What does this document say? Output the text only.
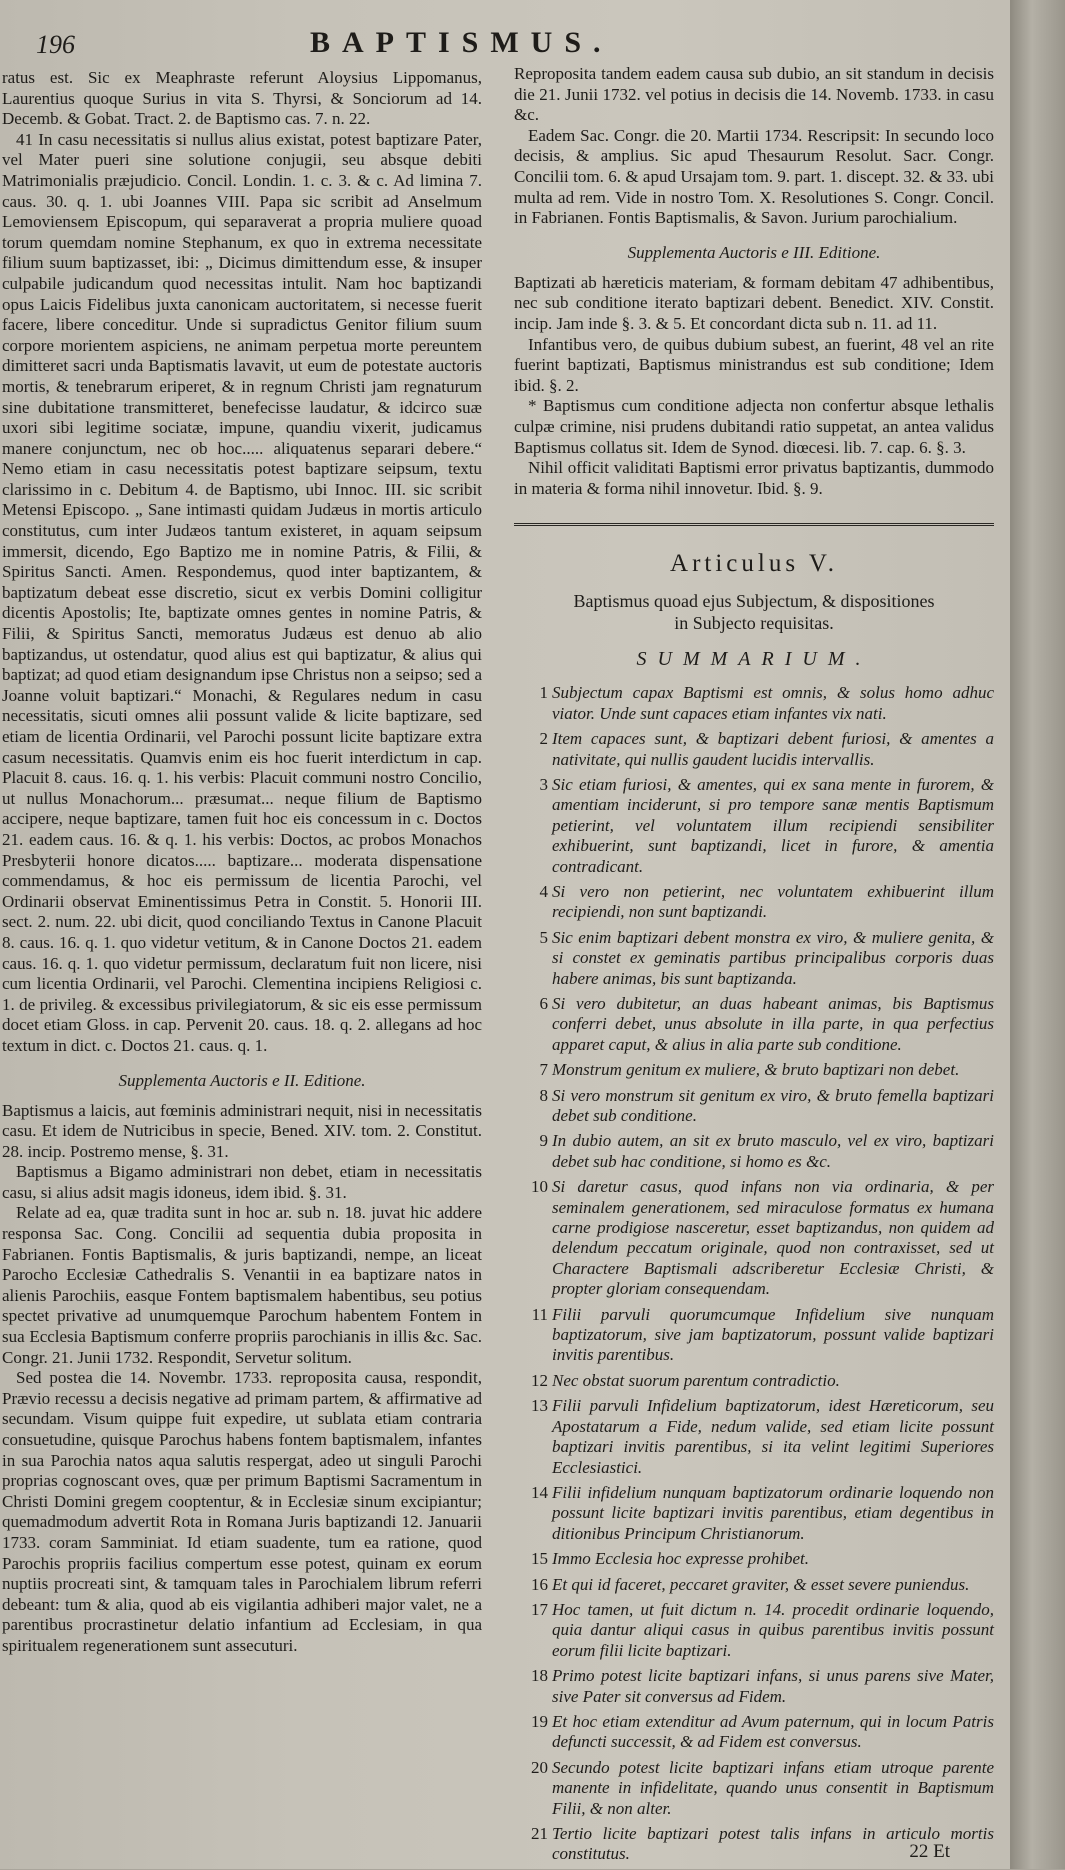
196	BAPTISMUS.

ratus est. Sic ex Meaphraste referunt Aloysius Lippomanus, Laurentius quoque Surius in vita S. Thyrsi, & Sonciorum ad 14. Decemb. & Gobat. Tract. 2. de Baptismo cas. 7. n. 22.

41 In casu necessitatis si nullus alius existat, potest baptizare Pater, vel Mater pueri sine solutione conjugii, seu absque debiti Matrimonialis præjudicio. Concil. Londin. 1. c. 3. & c. Ad limina 7. caus. 30. q. 1. ubi Joannes VIII. Papa sic scribit ad Anselmum Lemoviensem Episcopum, qui separaverat a propria muliere quoad torum quemdam nomine Stephanum, ex quo in extrema necessitate filium suum baptizasset, ibi: „ Dicimus dimittendum esse, & insuper culpabile judicandum quod necessitas intulit. Nam hoc baptizandi opus Laicis Fidelibus juxta canonicam auctoritatem, si necesse fuerit facere, libere conceditur. Unde si supradictus Genitor filium suum corpore morientem aspiciens, ne animam perpetua morte pereuntem dimitteret sacri unda Baptismatis lavavit, ut eum de potestate auctoris mortis, & tenebrarum eriperet, & in regnum Christi jam regnaturum sine dubitatione transmitteret, benefecisse laudatur, & idcirco suæ uxori sibi legitime sociatæ, impune, quandiu vixerit, judicamus manere conjunctum, nec ob hoc..... aliquatenus separari debere.“ Nemo etiam in casu necessitatis potest baptizare seipsum, textu clarissimo in c. Debitum 4. de Baptismo, ubi Innoc. III. sic scribit Metensi Episcopo. „ Sane intimasti quidam Judæus in mortis articulo constitutus, cum inter Judæos tantum existeret, in aquam seipsum immersit, dicendo, Ego Baptizo me in nomine Patris, & Filii, & Spiritus Sancti. Amen. Respondemus, quod inter baptizantem, & baptizatum debeat esse discretio, sicut ex verbis Domini colligitur dicentis Apostolis; Ite, baptizate omnes gentes in nomine Patris, & Filii, & Spiritus Sancti, memoratus Judæus est denuo ab alio baptizandus, ut ostendatur, quod alius est qui baptizatur, & alius qui baptizat; ad quod etiam designandum ipse Christus non a seipso; sed a Joanne voluit baptizari.“ Monachi, & Regulares nedum in casu necessitatis, sicuti omnes alii possunt valide & licite baptizare, sed etiam de licentia Ordinarii, vel Parochi possunt licite baptizare extra casum necessitatis. Quamvis enim eis hoc fuerit interdictum in cap. Placuit 8. caus. 16. q. 1. his verbis: Placuit communi nostro Concilio, ut nullus Monachorum... præsumat... neque filium de Baptismo accipere, neque baptizare, tamen fuit hoc eis concessum in c. Doctos 21. eadem caus. 16. & q. 1. his verbis: Doctos, ac probos Monachos Presbyterii honore dicatos..... baptizare... moderata dispensatione commendamus, & hoc eis permissum de licentia Parochi, vel Ordinarii observat Eminentissimus Petra in Constit. 5. Honorii III. sect. 2. num. 22. ubi dicit, quod conciliando Textus in Canone Placuit 8. caus. 16. q. 1. quo videtur vetitum, & in Canone Doctos 21. eadem caus. 16. q. 1. quo videtur permissum, declaratum fuit non licere, nisi cum licentia Ordinarii, vel Parochi. Clementina incipiens Religiosi c. 1. de privileg. & excessibus privilegiatorum, & sic eis esse permissum docet etiam Gloss. in cap. Pervenit 20. caus. 18. q. 2. allegans ad hoc textum in dict. c. Doctos 21. caus. q. 1.

Supplementa Auctoris e II. Editione.

Baptismus a laicis, aut fœminis administrari nequit, nisi in necessitatis casu. Et idem de Nutricibus in specie, Bened. XIV. tom. 2. Constitut. 28. incip. Postremo mense, §. 31.

Baptismus a Bigamo administrari non debet, etiam in necessitatis casu, si alius adsit magis idoneus, idem ibid. §. 31.

Relate ad ea, quæ tradita sunt in hoc ar. sub n. 18. juvat hic addere responsa Sac. Cong. Concilii ad sequentia dubia proposita in Fabrianen. Fontis Baptismalis, & juris baptizandi, nempe, an liceat Parocho Ecclesiæ Cathedralis S. Venantii in ea baptizare natos in alienis Parochiis, easque Fontem baptismalem habentibus, seu potius spectet privative ad unumquemque Parochum habentem Fontem in sua Ecclesia Baptismum conferre propriis parochianis in illis &c. Sac. Congr. 21. Junii 1732. Respondit, Servetur solitum.

Sed postea die 14. Novembr. 1733. reproposita causa, respondit, Prævio recessu a decisis negative ad primam partem, & affirmative ad secundam. Visum quippe fuit expedire, ut sublata etiam contraria consuetudine, quisque Parochus habens fontem baptismalem, infantes in sua Parochia natos aqua salutis respergat, adeo ut singuli Parochi proprias cognoscant oves, quæ per primum Baptismi Sacramentum in Christi Domini gregem cooptentur, & in Ecclesiæ sinum excipiantur; quemadmodum advertit Rota in Romana Juris baptizandi 12. Januarii 1733. coram Samminiat. Id etiam suadente, tum ea ratione, quod Parochis propriis facilius compertum esse potest, quinam ex eorum nuptiis procreati sint, & tamquam tales in Parochialem librum referri debeant: tum & alia, quod ab eis vigilantia adhiberi major valet, ne a parentibus procrastinetur delatio infantium ad Ecclesiam, in qua spiritualem regenerationem sunt assecuturi.

Reproposita tandem eadem causa sub dubio, an sit standum in decisis die 21. Junii 1732. vel potius in decisis die 14. Novemb. 1733. in casu &c.

Eadem Sac. Congr. die 20. Martii 1734. Rescripsit: In secundo loco decisis, & amplius. Sic apud Thesaurum Resolut. Sacr. Congr. Concilii tom. 6. & apud Ursajam tom. 9. part. 1. discept. 32. & 33. ubi multa ad rem. Vide in nostro Tom. X. Resolutiones S. Congr. Concil. in Fabrianen. Fontis Baptismalis, & Savon. Jurium parochialium.

Supplementa Auctoris e III. Editione.

Baptizati ab hæreticis materiam, & formam debitam 47 adhibentibus, nec sub conditione iterato baptizari debent. Benedict. XIV. Constit. incip. Jam inde §. 3. & 5. Et concordant dicta sub n. 11. ad 11.

Infantibus vero, de quibus dubium subest, an fuerint, 48 vel an rite fuerint baptizati, Baptismus ministrandus est sub conditione; Idem ibid. §. 2.

* Baptismus cum conditione adjecta non confertur absque lethalis culpæ crimine, nisi prudens dubitandi ratio suppetat, an antea validus Baptismus collatus sit. Idem de Synod. diœcesi. lib. 7. cap. 6. §. 3.

Nihil officit validitati Baptismi error privatus baptizantis, dummodo in materia & forma nihil innovetur. Ibid. §. 9.

Articulus V.
Baptismus quoad ejus Subjectum, & dispositiones
in Subjecto requisitas.
SUMMARIUM.
1 Subjectum capax Baptismi est omnis, & solus homo adhuc viator. Unde sunt capaces etiam infantes vix nati.
2 Item capaces sunt, & baptizari debent furiosi, & amentes a nativitate, qui nullis gaudent lucidis intervallis.
3 Sic etiam furiosi, & amentes, qui ex sana mente in furorem, & amentiam inciderunt, si pro tempore sanæ mentis Baptismum petierint, vel voluntatem illum recipiendi sensibiliter exhibuerint, sunt baptizandi, licet in furore, & amentia contradicant.
4 Si vero non petierint, nec voluntatem exhibuerint illum recipiendi, non sunt baptizandi.
5 Sic enim baptizari debent monstra ex viro, & muliere genita, & si constet ex geminatis partibus principalibus corporis duas habere animas, bis sunt baptizanda.
6 Si vero dubitetur, an duas habeant animas, bis Baptismus conferri debet, unus absolute in illa parte, in qua perfectius apparet caput, & alius in alia parte sub conditione.
7 Monstrum genitum ex muliere, & bruto baptizari non debet.
8 Si vero monstrum sit genitum ex viro, & bruto femella baptizari debet sub conditione.
9 In dubio autem, an sit ex bruto masculo, vel ex viro, baptizari debet sub hac conditione, si homo es &c.
10 Si daretur casus, quod infans non via ordinaria, & per seminalem generationem, sed miraculose formatus ex humana carne prodigiose nasceretur, esset baptizandus, non quidem ad delendum peccatum originale, quod non contraxisset, sed ut Charactere Baptismali adscriberetur Ecclesiæ Christi, & propter gloriam consequendam.
11 Filii parvuli quorumcumque Infidelium sive nunquam baptizatorum, sive jam baptizatorum, possunt valide baptizari invitis parentibus.
12 Nec obstat suorum parentum contradictio.
13 Filii parvuli Infidelium baptizatorum, idest Hæreticorum, seu Apostatarum a Fide, nedum valide, sed etiam licite possunt baptizari invitis parentibus, si ita velint legitimi Superiores Ecclesiastici.
14 Filii infidelium nunquam baptizatorum ordinarie loquendo non possunt licite baptizari invitis parentibus, etiam degentibus in ditionibus Principum Christianorum.
15 Immo Ecclesia hoc expresse prohibet.
16 Et qui id faceret, peccaret graviter, & esset severe puniendus.
17 Hoc tamen, ut fuit dictum n. 14. procedit ordinarie loquendo, quia dantur aliqui casus in quibus parentibus invitis possunt eorum filii licite baptizari.
18 Primo potest licite baptizari infans, si unus parens sive Mater, sive Pater sit conversus ad Fidem.
19 Et hoc etiam extenditur ad Avum paternum, qui in locum Patris defuncti successit, & ad Fidem est conversus.
20 Secundo potest licite baptizari infans etiam utroque parente manente in infidelitate, quando unus consentit in Baptismum Filii, & non alter.
21 Tertio licite baptizari potest talis infans in articulo mortis constitutus.	22 Et
